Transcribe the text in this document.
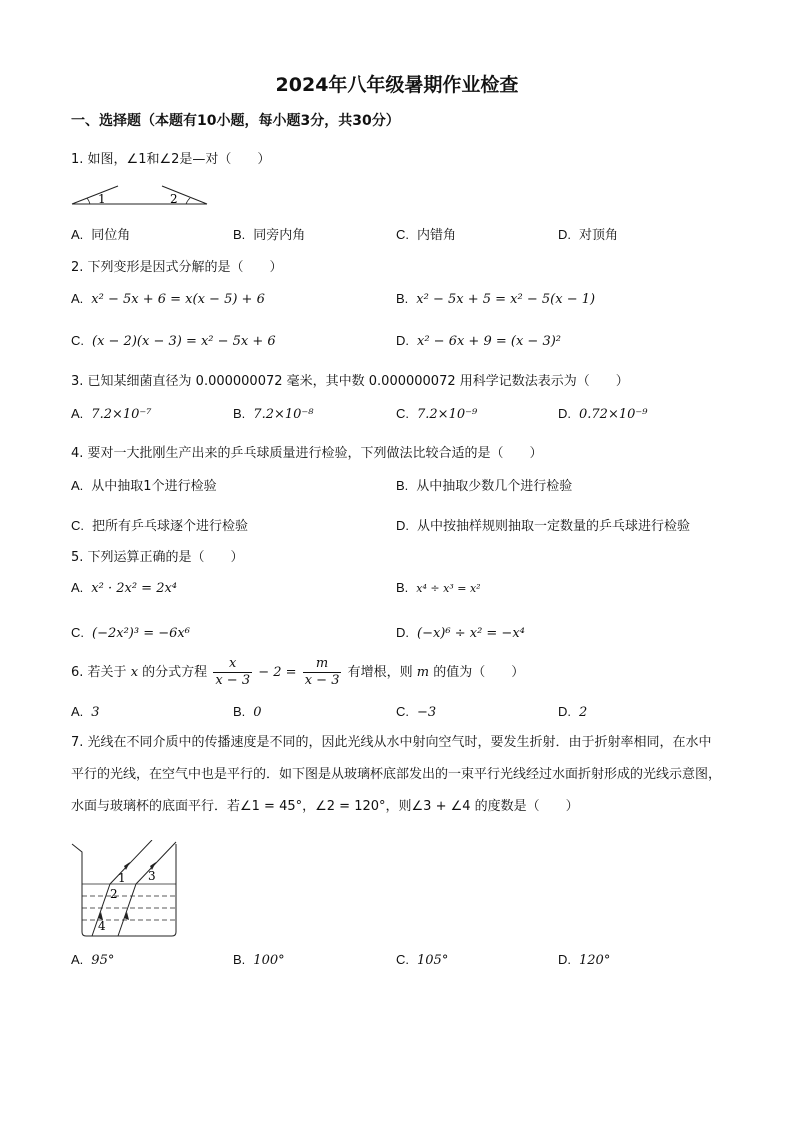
2024年八年级暑期作业检查
一、选择题（本题有10小题，每小题3分，共30分）
1. 如图，∠1和∠2是—对（　　）
1	2
A. 同位角	B. 同旁内角	C. 内错角	D. 对顶角
2. 下列变形是因式分解的是（　　）
A. x² − 5x + 6 = x(x − 5) + 6	B. x² − 5x + 5 = x² − 5(x − 1)
C. (x − 2)(x − 3) = x² − 5x + 6	D. x² − 6x + 9 = (x − 3)²
3. 已知某细菌直径为 0.000000072 毫米，其中数 0.000000072 用科学记数法表示为（　　）
A. 7.2×10⁻⁷	B. 7.2×10⁻⁸	C. 7.2×10⁻⁹	D. 0.72×10⁻⁹
4. 要对一大批刚生产出来的乒乓球质量进行检验，下列做法比较合适的是（　　）
A. 从中抽取1个进行检验	B. 从中抽取少数几个进行检验
C. 把所有乒乓球逐个进行检验	D. 从中按抽样规则抽取一定数量的乒乓球进行检验
5. 下列运算正确的是（　　）
A. x² · 2x² = 2x⁴	B. x⁴ ÷ x³ = x²
C. (−2x²)³ = −6x⁶	D. (−x)⁶ ÷ x² = −x⁴
6. 若关于 x 的分式方程 $\frac{x}{x - 3} - 2 = \frac{m}{x - 3}$ 有增根，则 m 的值为（　　）
A. 3	B. 0	C. −3	D. 2
7. 光线在不同介质中的传播速度是不同的，因此光线从水中射向空气时，要发生折射．由于折射率相同，在水中平行的光线，在空气中也是平行的．如下图是从玻璃杯底部发出的一束平行光线经过水面折射形成的光线示意图，水面与玻璃杯的底面平行．若∠1 = 45°，∠2 = 120°，则∠3 + ∠4 的度数是（　　）
1
2
3
4
A. 95°	B. 100°	C. 105°	D. 120°
